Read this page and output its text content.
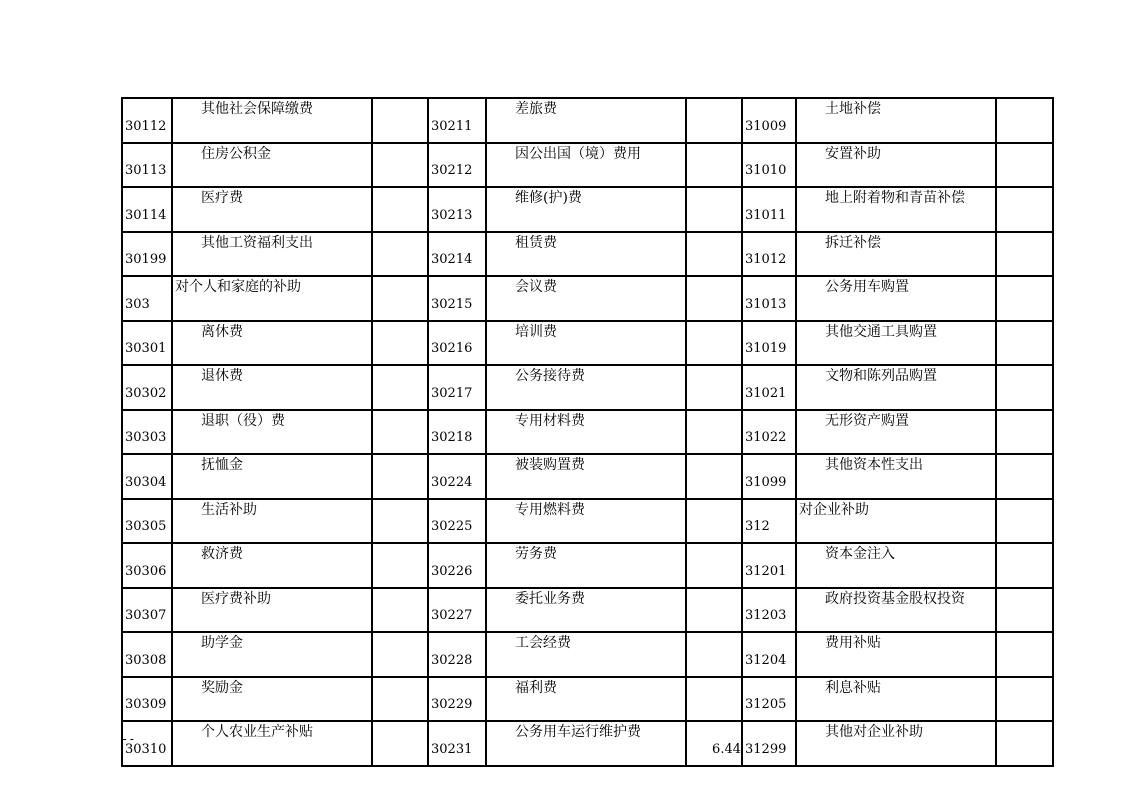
30112	其他社会保障缴费		30211	差旅费		31009	土地补偿	
30113	住房公积金		30212	因公出国（境）费用		31010	安置补助	
30114	医疗费		30213	维修(护)费		31011	地上附着物和青苗补偿	
30199	其他工资福利支出		30214	租赁费		31012	拆迁补偿	
303	对个人和家庭的补助		30215	会议费		31013	公务用车购置	
30301	离休费		30216	培训费		31019	其他交通工具购置	
30302	退休费		30217	公务接待费		31021	文物和陈列品购置	
30303	退职（役）费		30218	专用材料费		31022	无形资产购置	
30304	抚恤金		30224	被装购置费		31099	其他资本性支出	
30305	生活补助		30225	专用燃料费		312	对企业补助	
30306	救济费		30226	劳务费		31201	资本金注入	
30307	医疗费补助		30227	委托业务费		31203	政府投资基金股权投资	
30308	助学金		30228	工会经费		31204	费用补贴	
30309	奖励金		30229	福利费		31205	利息补贴	
30310	个人农业生产补贴		30231	公务用车运行维护费	6.44	31299	其他对企业补助	
--
